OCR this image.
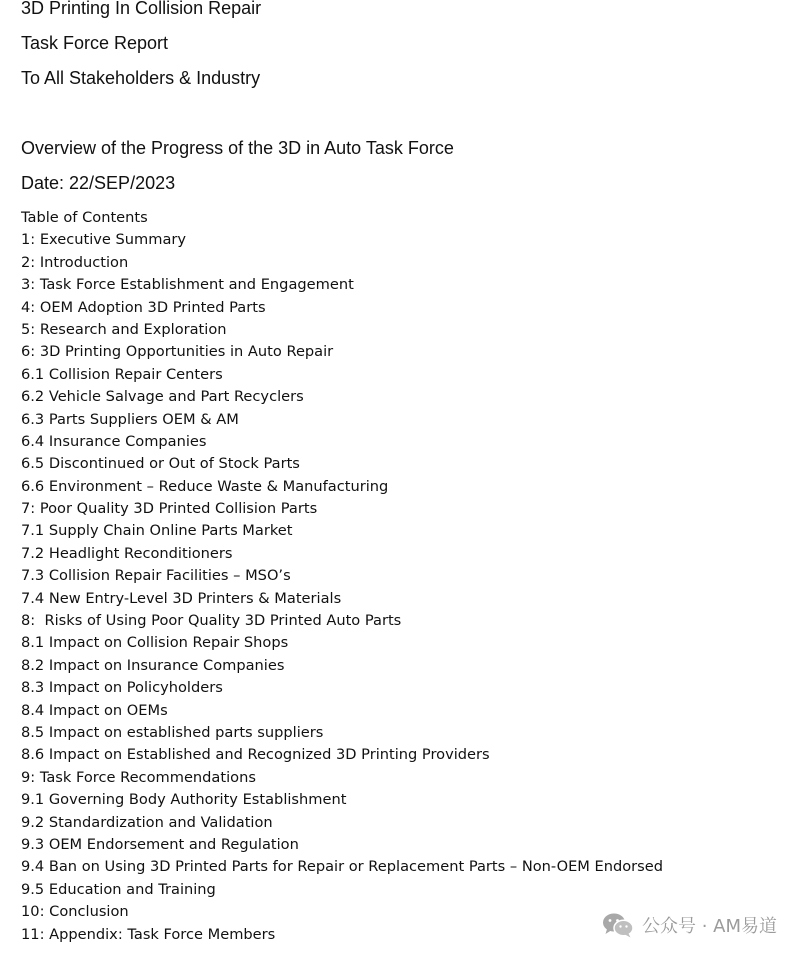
3D Printing In Collision Repair
Task Force Report
To All Stakeholders & Industry
Overview of the Progress of the 3D in Auto Task Force
Date: 22/SEP/2023
Table of Contents
1: Executive Summary
2: Introduction
3: Task Force Establishment and Engagement
4: OEM Adoption 3D Printed Parts
5: Research and Exploration
6: 3D Printing Opportunities in Auto Repair
6.1 Collision Repair Centers
6.2 Vehicle Salvage and Part Recyclers
6.3 Parts Suppliers OEM & AM
6.4 Insurance Companies
6.5 Discontinued or Out of Stock Parts
6.6 Environment – Reduce Waste & Manufacturing
7: Poor Quality 3D Printed Collision Parts
7.1 Supply Chain Online Parts Market
7.2 Headlight Reconditioners
7.3 Collision Repair Facilities – MSO’s
7.4 New Entry-Level 3D Printers & Materials
8:  Risks of Using Poor Quality 3D Printed Auto Parts
8.1 Impact on Collision Repair Shops
8.2 Impact on Insurance Companies
8.3 Impact on Policyholders
8.4 Impact on OEMs
8.5 Impact on established parts suppliers
8.6 Impact on Established and Recognized 3D Printing Providers
9: Task Force Recommendations
9.1 Governing Body Authority Establishment
9.2 Standardization and Validation
9.3 OEM Endorsement and Regulation
9.4 Ban on Using 3D Printed Parts for Repair or Replacement Parts – Non-OEM Endorsed
9.5 Education and Training
10: Conclusion
11: Appendix: Task Force Members	公众号 · AM易道
